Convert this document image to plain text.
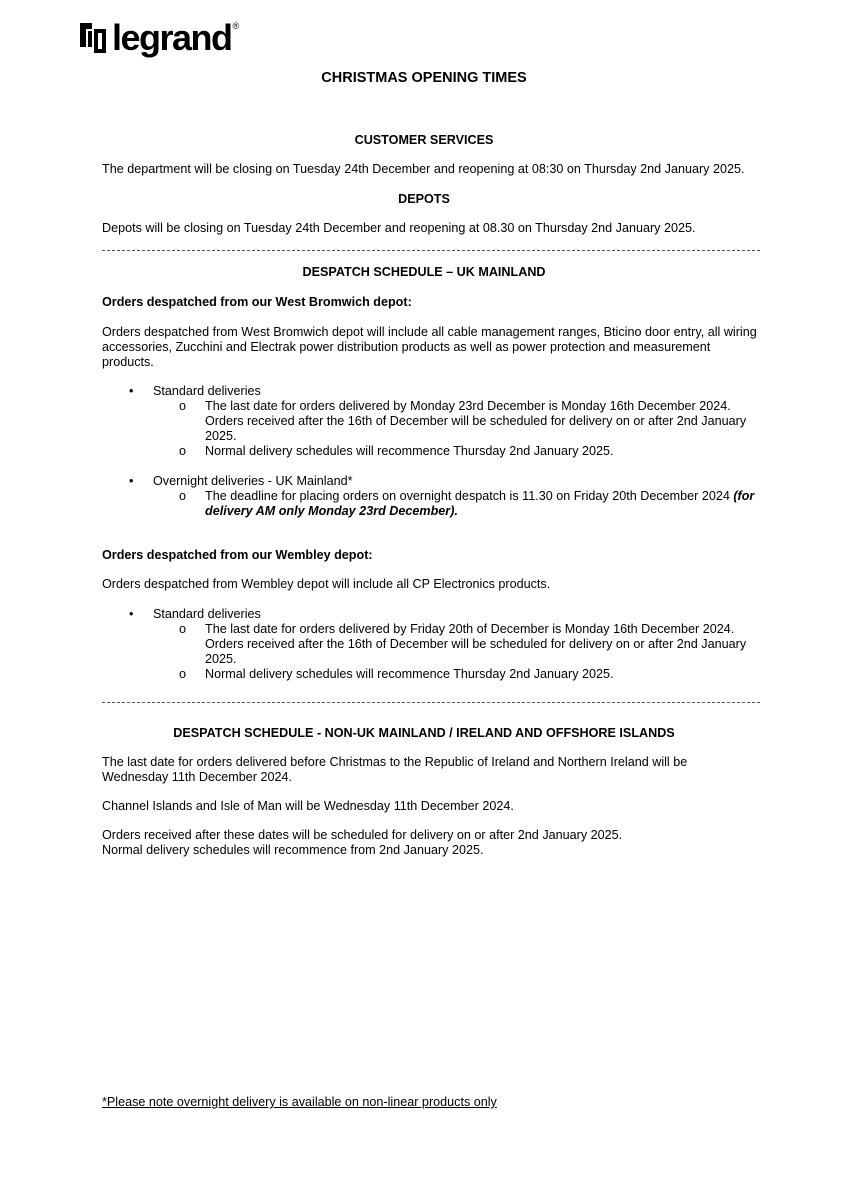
legrand ®
CHRISTMAS OPENING TIMES
CUSTOMER SERVICES
The department will be closing on Tuesday 24th December and reopening at 08:30 on Thursday 2nd January 2025.
DEPOTS
Depots will be closing on Tuesday 24th December and reopening at 08.30 on Thursday 2nd January 2025.
DESPATCH SCHEDULE – UK MAINLAND
Orders despatched from our West Bromwich depot:
Orders despatched from West Bromwich depot will include all cable management ranges, Bticino door entry, all wiring
accessories, Zucchini and Electrak power distribution products as well as power protection and measurement
products.
• Standard deliveries
o The last date for orders delivered by Monday 23rd December is Monday 16th December 2024.
Orders received after the 16th of December will be scheduled for delivery on or after 2nd January
2025.
o Normal delivery schedules will recommence Thursday 2nd January 2025.
• Overnight deliveries - UK Mainland*
o The deadline for placing orders on overnight despatch is 11.30 on Friday 20th December 2024 (for
delivery AM only Monday 23rd December).
Orders despatched from our Wembley depot:
Orders despatched from Wembley depot will include all CP Electronics products.
• Standard deliveries
o The last date for orders delivered by Friday 20th of December is Monday 16th December 2024.
Orders received after the 16th of December will be scheduled for delivery on or after 2nd January
2025.
o Normal delivery schedules will recommence Thursday 2nd January 2025.
DESPATCH SCHEDULE - NON-UK MAINLAND / IRELAND AND OFFSHORE ISLANDS
The last date for orders delivered before Christmas to the Republic of Ireland and Northern Ireland will be
Wednesday 11th December 2024.
Channel Islands and Isle of Man will be Wednesday 11th December 2024.
Orders received after these dates will be scheduled for delivery on or after 2nd January 2025.
Normal delivery schedules will recommence from 2nd January 2025.
*Please note overnight delivery is available on non-linear products only
